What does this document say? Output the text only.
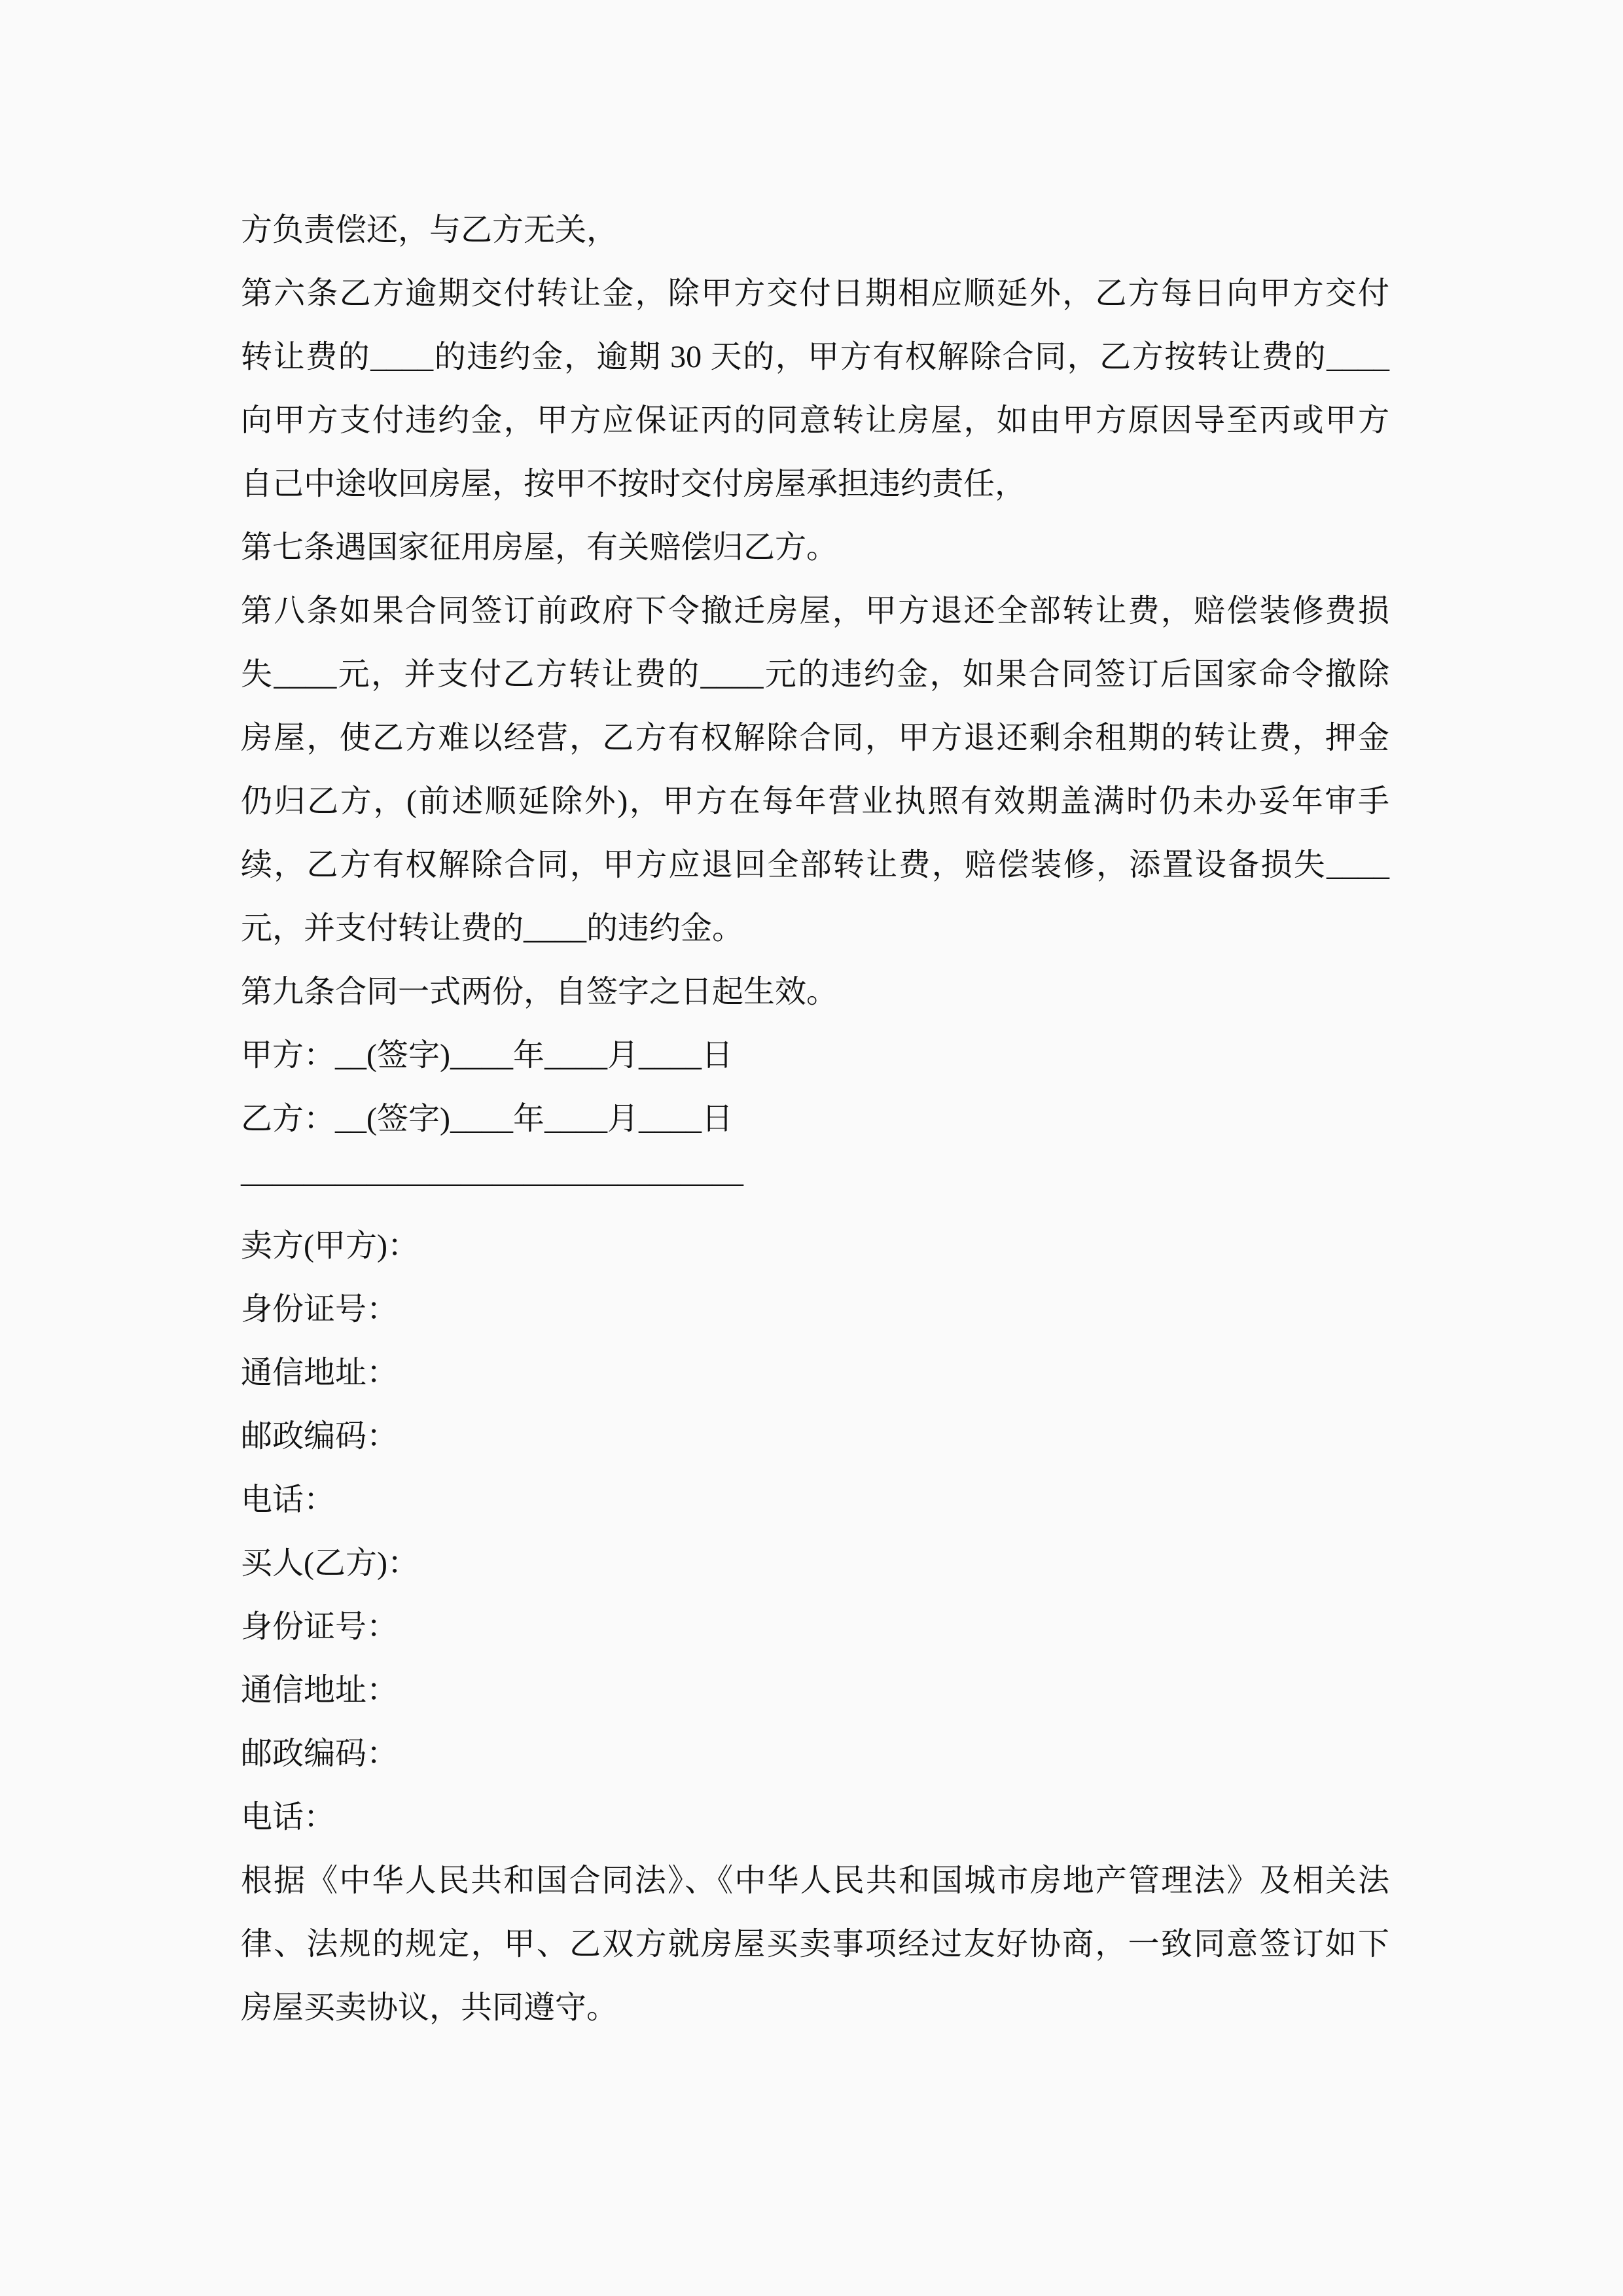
方负责偿还，与乙方无关，
第六条乙方逾期交付转让金，除甲方交付日期相应顺延外，乙方每日向甲方交付
转让费的____的违约金，逾期 30 天的，甲方有权解除合同，乙方按转让费的____
向甲方支付违约金，甲方应保证丙的同意转让房屋，如由甲方原因导至丙或甲方
自己中途收回房屋，按甲不按时交付房屋承担违约责任，
第七条遇国家征用房屋，有关赔偿归乙方。
第八条如果合同签订前政府下令撤迁房屋，甲方退还全部转让费，赔偿装修费损
失____元，并支付乙方转让费的____元的违约金，如果合同签订后国家命令撤除
房屋，使乙方难以经营，乙方有权解除合同，甲方退还剩余租期的转让费，押金
仍归乙方，(前述顺延除外)，甲方在每年营业执照有效期盖满时仍未办妥年审手
续，乙方有权解除合同，甲方应退回全部转让费，赔偿装修，添置设备损失____
元，并支付转让费的____的违约金。
第九条合同一式两份，自签字之日起生效。
甲方：__(签字)____年____月____日
乙方：__(签字)____年____月____日
————————————————
卖方(甲方)：
身份证号：
通信地址：
邮政编码：
电话：
买人(乙方)：
身份证号：
通信地址：
邮政编码：
电话：
根据《中华人民共和国合同法》、《中华人民共和国城市房地产管理法》及相关法
律、法规的规定，甲、乙双方就房屋买卖事项经过友好协商，一致同意签订如下
房屋买卖协议，共同遵守。
